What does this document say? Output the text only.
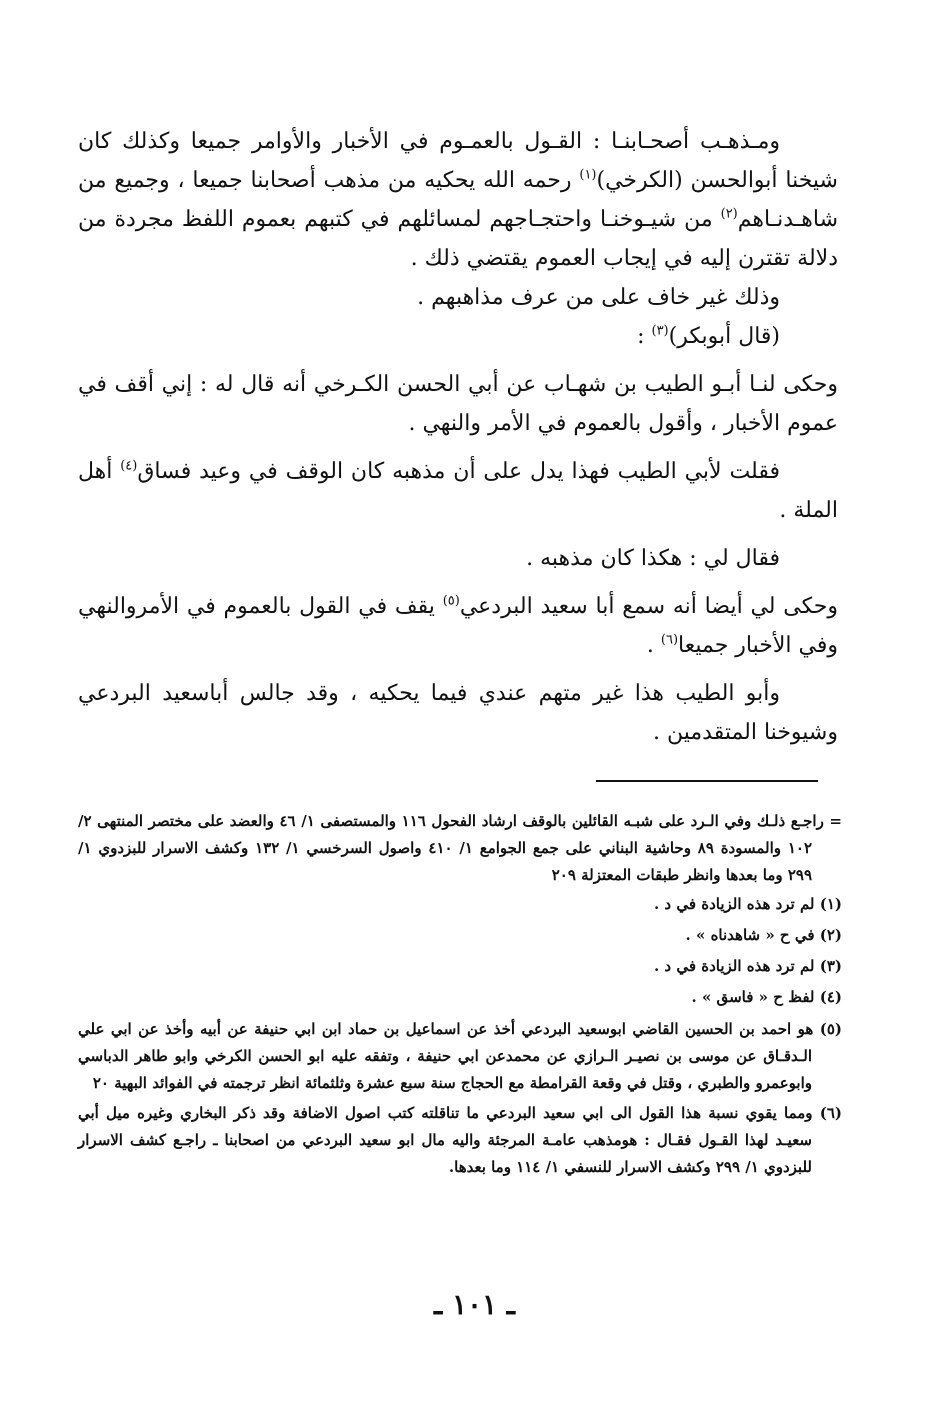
ومـذهـب أصحـابنـا : القـول بالعمـوم في الأخبار والأوامر جميعا وكذلك كان شيخنا أبوالحسن (الكرخي)$^{(١)}$ رحمه الله يحكيه من مذهب أصحابنا جميعا ، وجميع من شاهـدنـاهم$^{(٢)}$ من شيـوخنـا واحتجـاجهم لمسائلهم في كتبهم بعموم اللفظ مجردة من دلالة تقترن إليه في إيجاب العموم يقتضي ذلك .

وذلك غير خاف على من عرف مذاهبهم .

(قال أبوبكر)$^{(٣)}$ :

وحكى لنـا أبـو الطيب بن شهـاب عن أبي الحسن الكـرخي أنه قال له : إني أقف في عموم الأخبار ، وأقول بالعموم في الأمر والنهي .

فقلت لأبي الطيب فهذا يدل على أن مذهبه كان الوقف في وعيد فساق$^{(٤)}$ أهل الملة .

فقال لي : هكذا كان مذهبه .

وحكى لي أيضا أنه سمع أبا سعيد البردعي$^{(٥)}$ يقف في القول بالعموم في الأمروالنهي وفي الأخبار جميعا$^{(٦)}$ .

وأبو الطيب هذا غير متهم عندي فيما يحكيه ، وقد جالس أباسعيد البردعي وشيوخنا المتقدمين .

= راجـع ذلـك وفي الـرد على شبـه القائلين بالوقف ارشاد الفحول ١١٦ والمستصفى ١/ ٤٦ والعضد على مختصر المنتهى ٢/ ١٠٢ والمسودة ٨٩ وحاشية البناني على جمع الجوامع ١/ ٤١٠ واصول السرخسي ١/ ١٣٢ وكشف الاسرار للبزدوي ١/ ٢٩٩ وما بعدها وانظر طبقات المعتزلة ٢٠٩

(١) لم ترد هذه الزيادة في د .

(٢) في ح « شاهدناه » .

(٣) لم ترد هذه الزيادة في د .

(٤) لفظ ح « فاسق » .

(٥) هو احمد بن الحسين القاضي ابوسعيد البردعي أخذ عن اسماعيل بن حماد ابن ابي حنيفة عن أبيه وأخذ عن ابي علي الـدقـاق عن موسى بن نصيـر الـرازي عن محمدعن ابي حنيفة ، وتفقه عليه ابو الحسن الكرخي وابو طاهر الدباسي وابوعمرو والطبري ، وقتل في وقعة القرامطة مع الحجاج سنة سبع عشرة وثلثمائة انظر ترجمته في الفوائد البهية ٢٠

(٦) ومما يقوي نسبة هذا القول الى ابي سعيد البردعي ما تناقلته كتب اصول الاضافة وقد ذكر البخاري وغيره ميل أبي سعيـد لهذا القـول فقـال : هومذهب عامـة المرجئة واليه مال ابو سعيد البردعي من اصحابنا ـ راجـع كشف الاسرار للبزدوي ١/ ٢٩٩ وكشف الاسرار للنسفي ١/ ١١٤ وما بعدها.

ـ ١٠١ ـ
